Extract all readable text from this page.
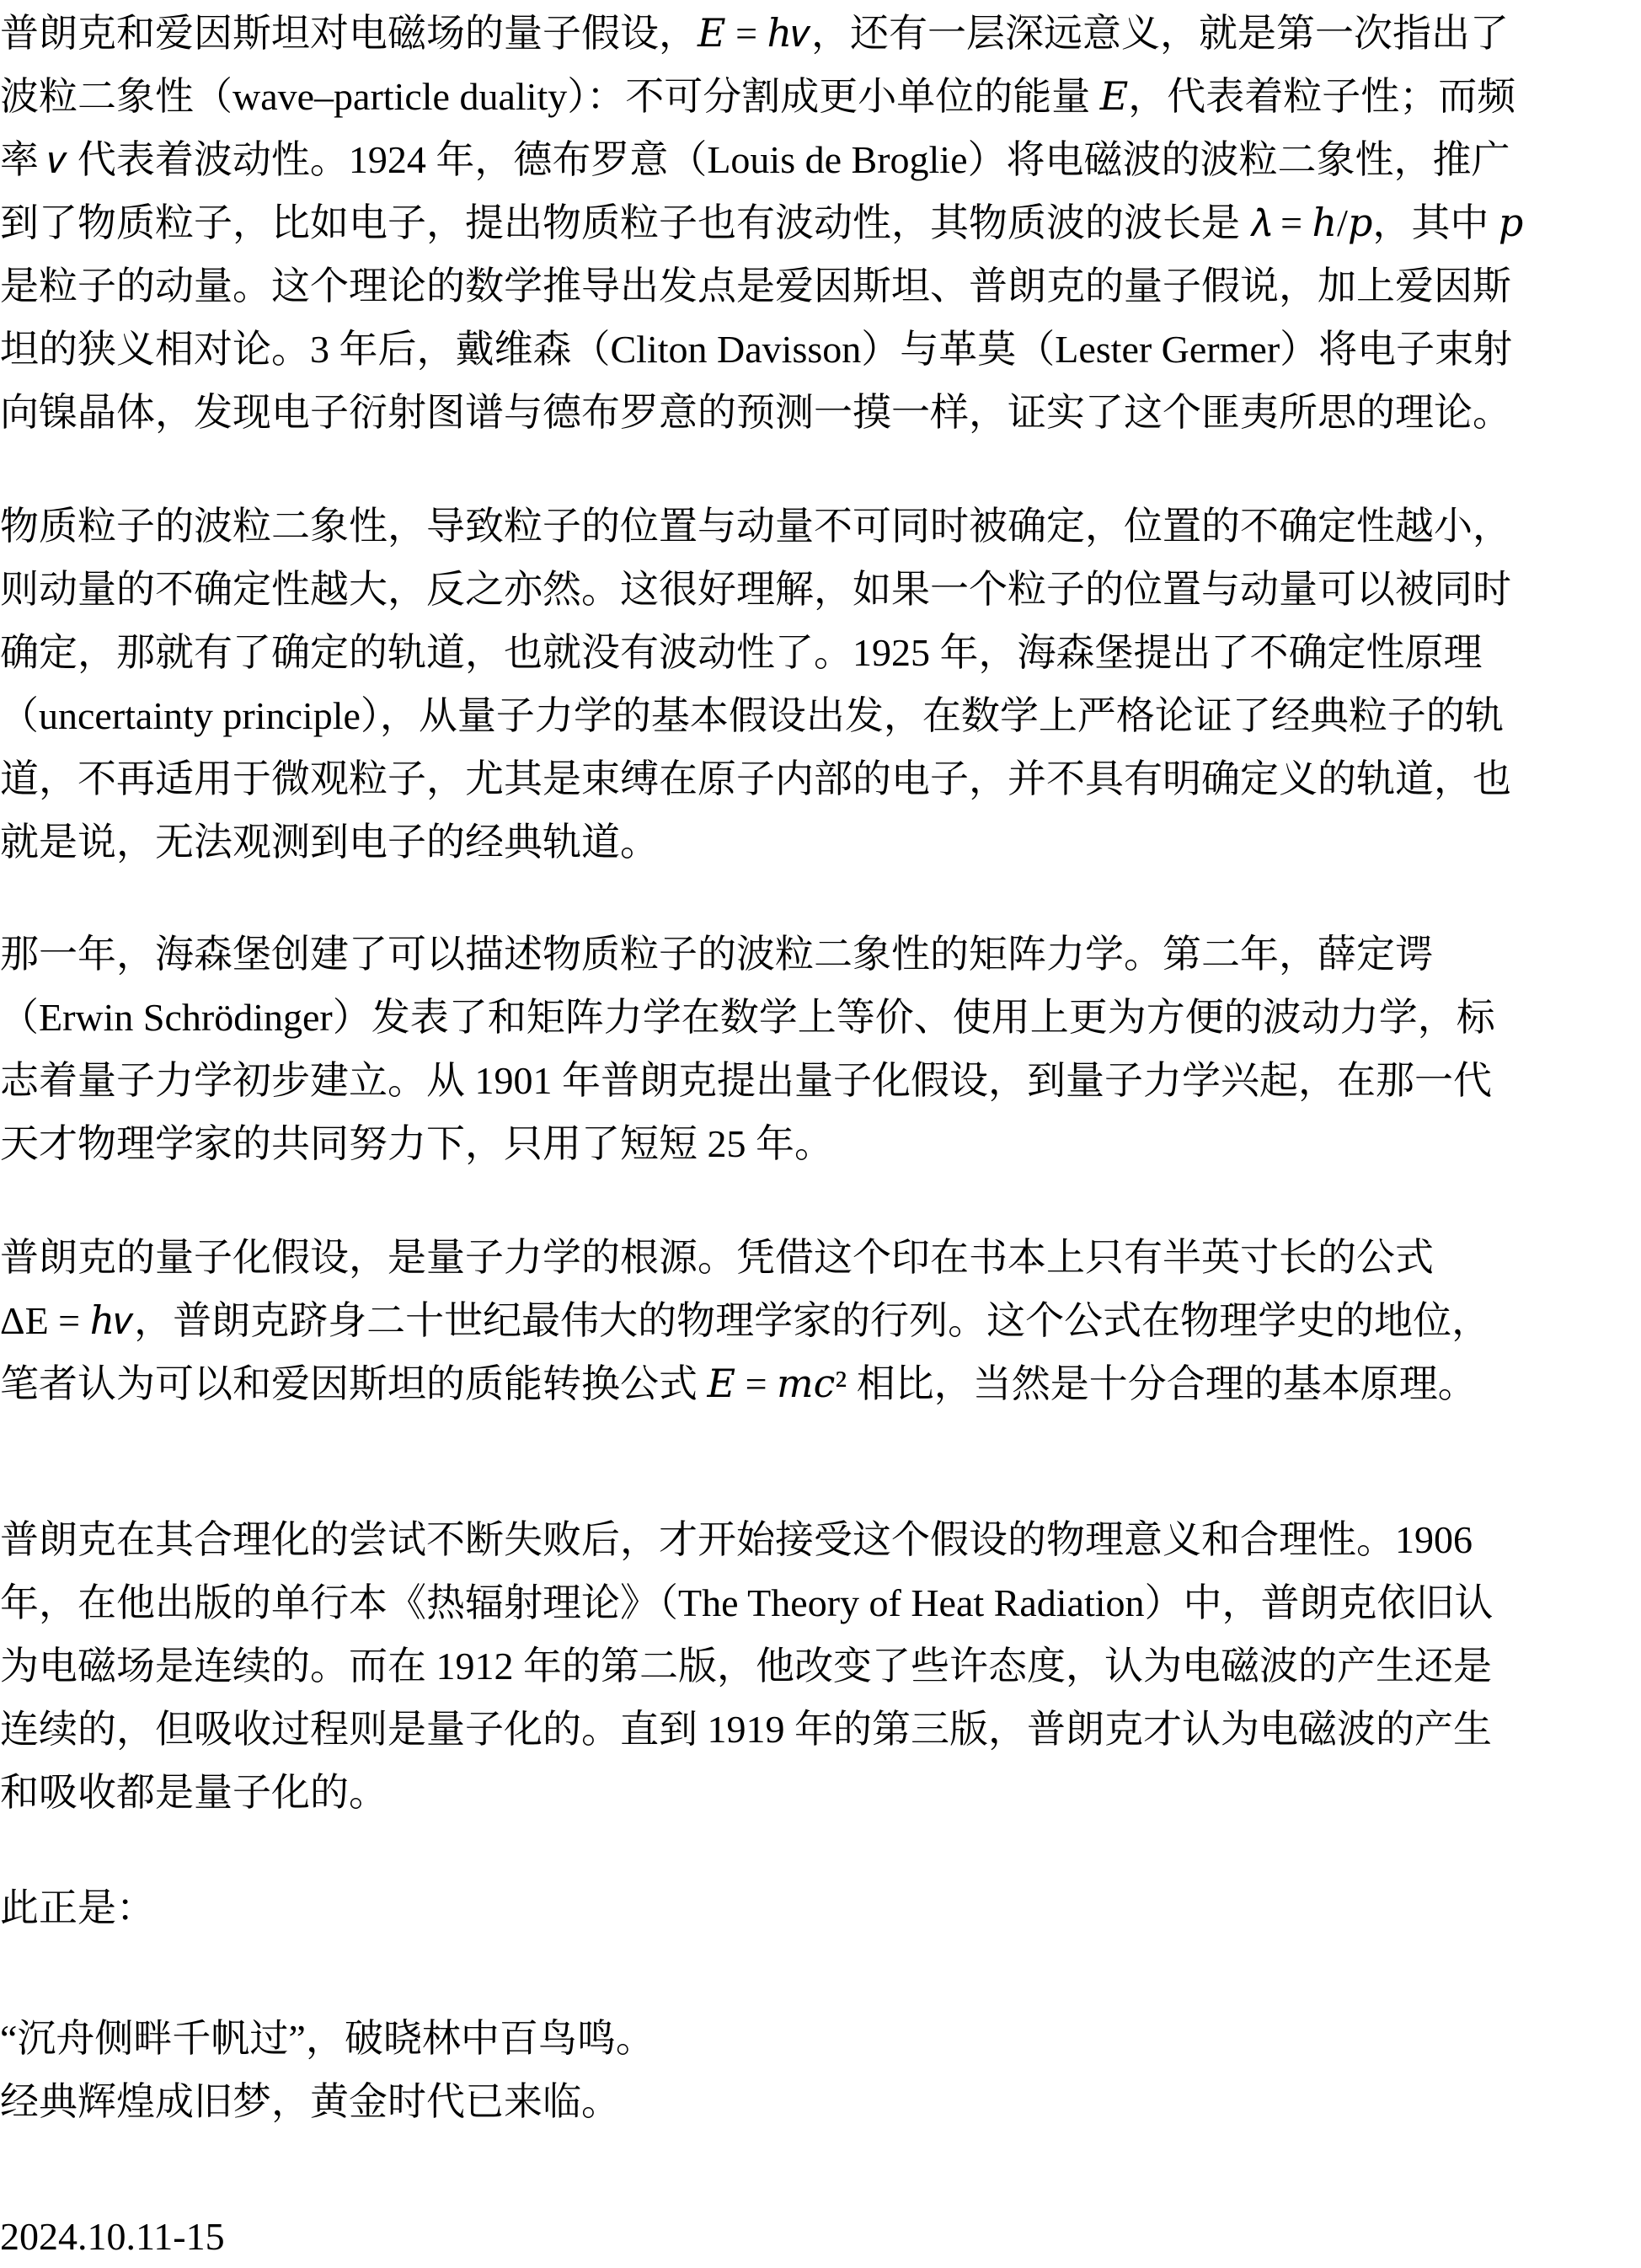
普朗克和爱因斯坦对电磁场的量子假设，𝐸 = ℎ𝜈，还有一层深远意义，就是第一次指出了
波粒二象性（wave–particle duality）：不可分割成更小单位的能量 𝐸，代表着粒子性；而频
率 𝜈 代表着波动性。1924 年，德布罗意（Louis de Broglie）将电磁波的波粒二象性，推广
到了物质粒子，比如电子，提出物质粒子也有波动性，其物质波的波长是 𝜆 = ℎ/𝑝，其中 𝑝
是粒子的动量。这个理论的数学推导出发点是爱因斯坦、普朗克的量子假说，加上爱因斯
坦的狭义相对论。3 年后，戴维森（Cliton Davisson）与革莫（Lester Germer）将电子束射
向镍晶体，发现电子衍射图谱与德布罗意的预测一摸一样，证实了这个匪夷所思的理论。

物质粒子的波粒二象性，导致粒子的位置与动量不可同时被确定，位置的不确定性越小，
则动量的不确定性越大，反之亦然。这很好理解，如果一个粒子的位置与动量可以被同时
确定，那就有了确定的轨道，也就没有波动性了。1925 年，海森堡提出了不确定性原理
（uncertainty principle），从量子力学的基本假设出发，在数学上严格论证了经典粒子的轨
道，不再适用于微观粒子，尤其是束缚在原子内部的电子，并不具有明确定义的轨道，也
就是说，无法观测到电子的经典轨道。

那一年，海森堡创建了可以描述物质粒子的波粒二象性的矩阵力学。第二年，薛定谔
（Erwin Schrödinger）发表了和矩阵力学在数学上等价、使用上更为方便的波动力学，标
志着量子力学初步建立。从 1901 年普朗克提出量子化假设，到量子力学兴起，在那一代
天才物理学家的共同努力下，只用了短短 25 年。

普朗克的量子化假设，是量子力学的根源。凭借这个印在书本上只有半英寸长的公式
ΔE = ℎ𝜈，普朗克跻身二十世纪最伟大的物理学家的行列。这个公式在物理学史的地位，
笔者认为可以和爱因斯坦的质能转换公式 𝐸 = 𝑚𝑐² 相比，当然是十分合理的基本原理。

普朗克在其合理化的尝试不断失败后，才开始接受这个假设的物理意义和合理性。1906
年，在他出版的单行本《热辐射理论》（The Theory of Heat Radiation）中，普朗克依旧认
为电磁场是连续的。而在 1912 年的第二版，他改变了些许态度，认为电磁波的产生还是
连续的，但吸收过程则是量子化的。直到 1919 年的第三版，普朗克才认为电磁波的产生
和吸收都是量子化的。

此正是：

“沉舟侧畔千帆过”，破晓林中百鸟鸣。
经典辉煌成旧梦，黄金时代已来临。

2024.10.11-15
